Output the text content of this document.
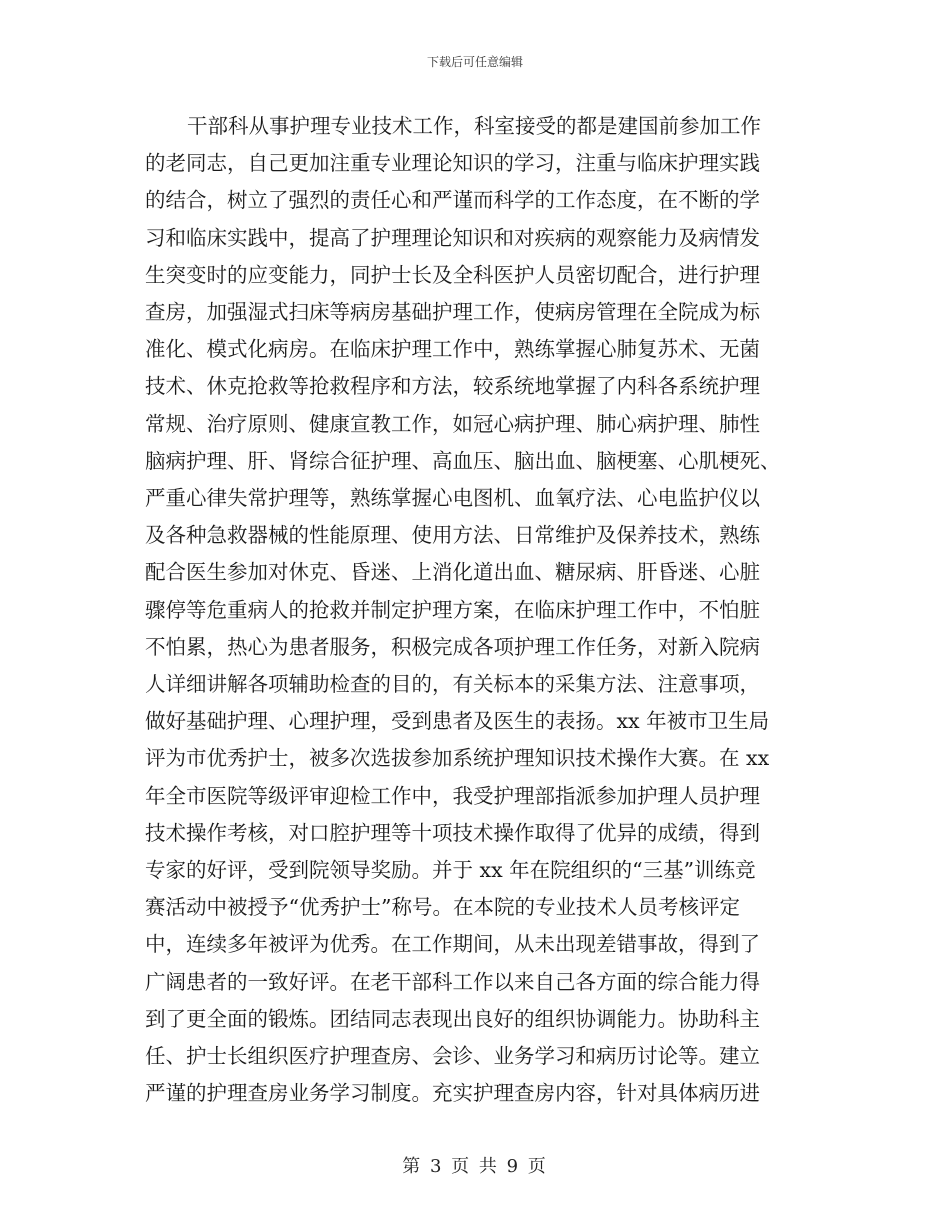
下载后可任意编辑
干部科从事护理专业技术工作，科室接受的都是建国前参加工作
的老同志，自己更加注重专业理论知识的学习，注重与临床护理实践
的结合，树立了强烈的责任心和严谨而科学的工作态度，在不断的学
习和临床实践中，提高了护理理论知识和对疾病的观察能力及病情发
生突变时的应变能力，同护士长及全科医护人员密切配合，进行护理
查房，加强湿式扫床等病房基础护理工作，使病房管理在全院成为标
准化、模式化病房。在临床护理工作中，熟练掌握心肺复苏术、无菌
技术、休克抢救等抢救程序和方法，较系统地掌握了内科各系统护理
常规、治疗原则、健康宣教工作，如冠心病护理、肺心病护理、肺性
脑病护理、肝、肾综合征护理、高血压、脑出血、脑梗塞、心肌梗死、
严重心律失常护理等，熟练掌握心电图机、血氧疗法、心电监护仪以
及各种急救器械的性能原理、使用方法、日常维护及保养技术，熟练
配合医生参加对休克、昏迷、上消化道出血、糖尿病、肝昏迷、心脏
骤停等危重病人的抢救并制定护理方案，在临床护理工作中，不怕脏
不怕累，热心为患者服务，积极完成各项护理工作任务，对新入院病
人详细讲解各项辅助检查的目的，有关标本的采集方法、注意事项，
做好基础护理、心理护理，受到患者及医生的表扬。xx 年被市卫生局
评为市优秀护士，被多次选拔参加系统护理知识技术操作大赛。在 xx
年全市医院等级评审迎检工作中，我受护理部指派参加护理人员护理
技术操作考核，对口腔护理等十项技术操作取得了优异的成绩，得到
专家的好评，受到院领导奖励。并于 xx 年在院组织的“三基”训练竞
赛活动中被授予“优秀护士”称号。在本院的专业技术人员考核评定
中，连续多年被评为优秀。在工作期间，从未出现差错事故，得到了
广阔患者的一致好评。在老干部科工作以来自己各方面的综合能力得
到了更全面的锻炼。团结同志表现出良好的组织协调能力。协助科主
任、护士长组织医疗护理查房、会诊、业务学习和病历讨论等。建立
严谨的护理查房业务学习制度。充实护理查房内容，针对具体病历进
第 3 页 共 9 页
